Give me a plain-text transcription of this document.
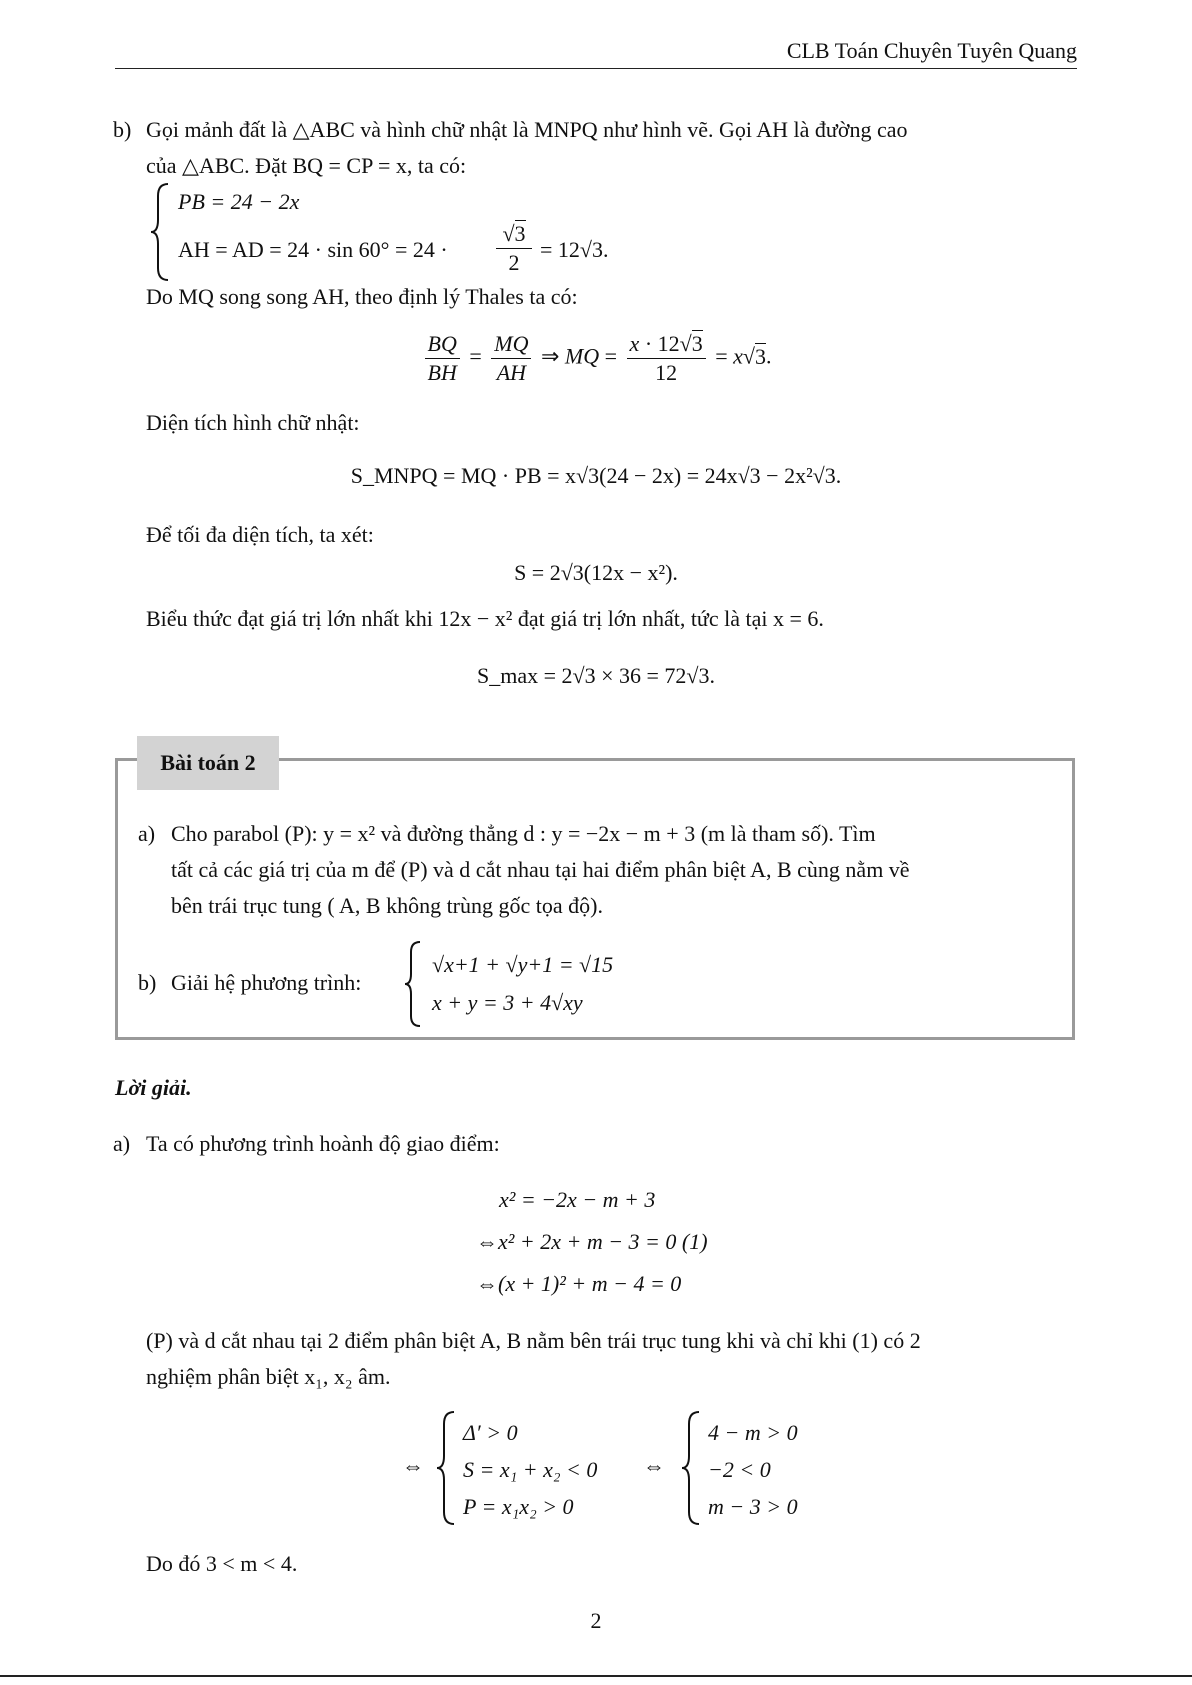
CLB Toán Chuyên Tuyên Quang
b) Gọi mảnh đất là △ABC và hình chữ nhật là MNPQ như hình vẽ. Gọi AH là đường cao
của △ABC. Đặt BQ = CP = x, ta có:
PB = 24 − 2x
AH = AD = 24 · sin 60° = 24 ·
√3
2
= 12√3.
Do MQ song song AH, theo định lý Thales ta có:
$\frac{BQ}{BH} = \frac{MQ}{AH}$ ⇒ MQ = $\frac{x \cdot 12√3}{12} = x√3$.
Diện tích hình chữ nhật:
S_MNPQ = MQ · PB = x√3(24 − 2x) = 24x√3 − 2x²√3.
Để tối đa diện tích, ta xét:
S = 2√3(12x − x²).
Biểu thức đạt giá trị lớn nhất khi 12x − x² đạt giá trị lớn nhất, tức là tại x = 6.
S_max = 2√3 × 36 = 72√3.
Bài toán 2
a) Cho parabol (P): y = x² và đường thẳng d : y = −2x − m + 3 (m là tham số). Tìm
tất cả các giá trị của m để (P) và d cắt nhau tại hai điểm phân biệt A, B cùng nằm về
bên trái trục tung ( A, B không trùng gốc tọa độ).
b) Giải hệ phương trình:
√x+1 + √y+1 = √15
x + y = 3 + 4√xy
Lời giải.
a) Ta có phương trình hoành độ giao điểm:
x² = −2x − m + 3
⇔x² + 2x + m − 3 = 0 (1)
⇔(x + 1)² + m − 4 = 0
(P) và d cắt nhau tại 2 điểm phân biệt A, B nằm bên trái trục tung khi và chỉ khi (1) có 2
nghiệm phân biệt x₁, x₂ âm.
⇔
Δ′ > 0
S = x₁ + x₂ < 0
P = x₁x₂ > 0
⇔
4 − m > 0
−2 < 0
m − 3 > 0
Do đó 3 < m < 4.
2
